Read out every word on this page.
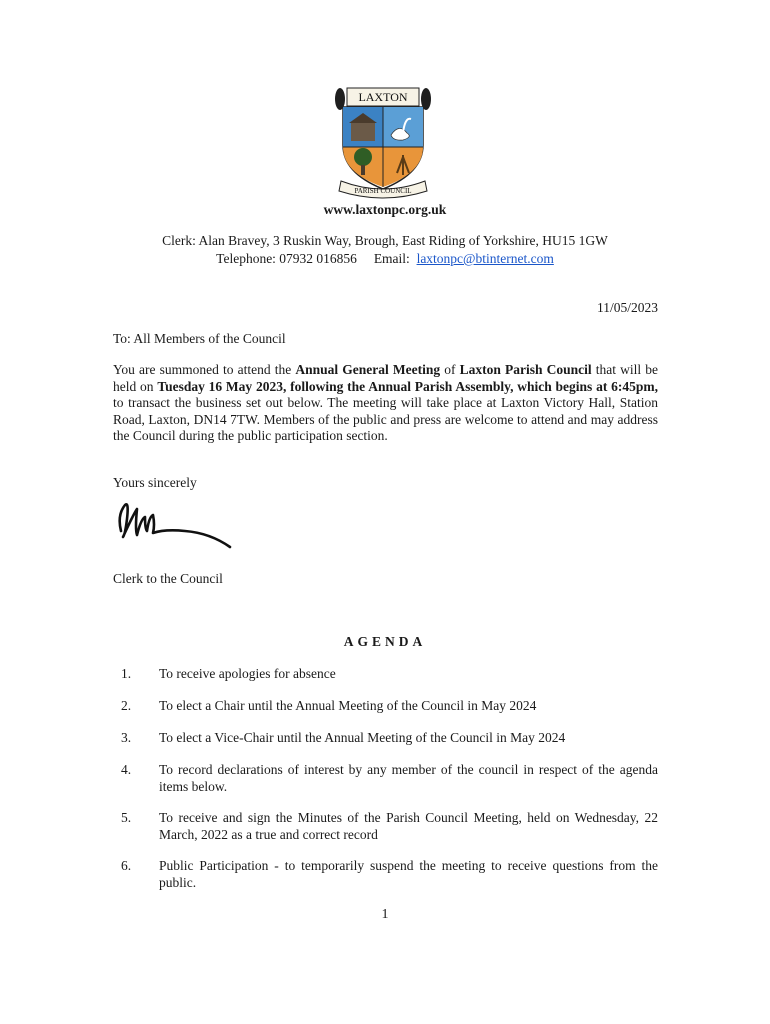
LAXTON
PARISH COUNCIL
www.laxtonpc.org.uk
Clerk: Alan Bravey, 3 Ruskin Way, Brough, East Riding of Yorkshire, HU15 1GW
Telephone: 07932 016856 Email: laxtonpc@btinternet.com
11/05/2023
To: All Members of the Council
You are summoned to attend the Annual General Meeting of Laxton Parish Council that will be held on Tuesday 16 May 2023, following the Annual Parish Assembly, which begins at 6:45pm, to transact the business set out below. The meeting will take place at Laxton Victory Hall, Station Road, Laxton, DN14 7TW. Members of the public and press are welcome to attend and may address the Council during the public participation section.
Yours sincerely
Clerk to the Council
AGENDA
1. To receive apologies for absence
2. To elect a Chair until the Annual Meeting of the Council in May 2024
3. To elect a Vice-Chair until the Annual Meeting of the Council in May 2024
4. To record declarations of interest by any member of the council in respect of the agenda items below.
5. To receive and sign the Minutes of the Parish Council Meeting, held on Wednesday, 22 March, 2022 as a true and correct record
6. Public Participation - to temporarily suspend the meeting to receive questions from the public.
1
